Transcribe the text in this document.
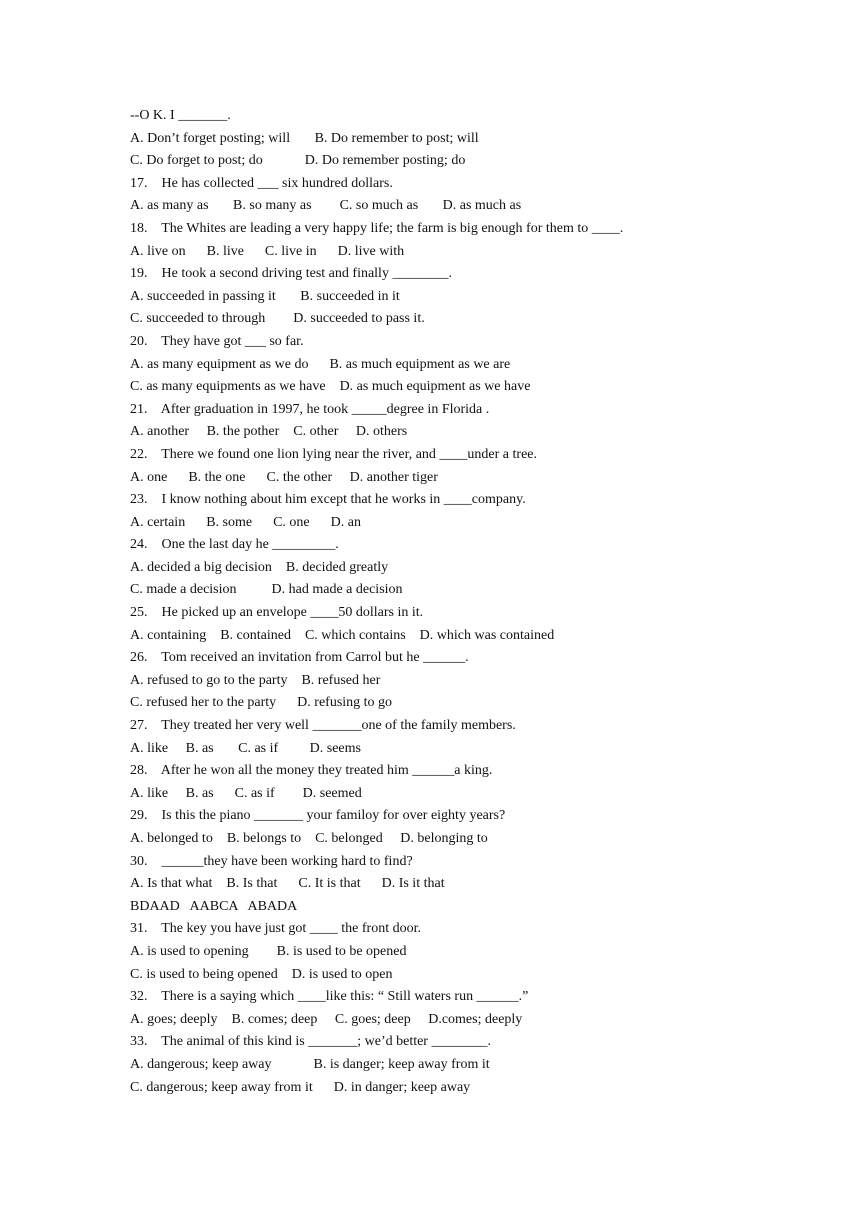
--O K. I _______.
A. Don’t forget posting; will       B. Do remember to post; will
C. Do forget to post; do            D. Do remember posting; do
17.    He has collected ___ six hundred dollars.
A. as many as       B. so many as        C. so much as       D. as much as
18.    The Whites are leading a very happy life; the farm is big enough for them to ____.
A. live on      B. live      C. live in      D. live with
19.    He took a second driving test and finally ________.
A. succeeded in passing it       B. succeeded in it
C. succeeded to through        D. succeeded to pass it.
20.    They have got ___ so far.
A. as many equipment as we do      B. as much equipment as we are
C. as many equipments as we have    D. as much equipment as we have
21.    After graduation in 1997, he took _____degree in Florida .
A. another     B. the pother    C. other     D. others
22.    There we found one lion lying near the river, and ____under a tree.
A. one      B. the one      C. the other     D. another tiger
23.    I know nothing about him except that he works in ____company.
A. certain      B. some      C. one      D. an
24.    One the last day he _________.
A. decided a big decision    B. decided greatly
C. made a decision          D. had made a decision
25.    He picked up an envelope ____50 dollars in it.
A. containing    B. contained    C. which contains    D. which was contained
26.    Tom received an invitation from Carrol but he ______.
A. refused to go to the party    B. refused her
C. refused her to the party      D. refusing to go
27.    They treated her very well _______one of the family members.
A. like     B. as       C. as if         D. seems
28.    After he won all the money they treated him ______a king.
A. like     B. as      C. as if        D. seemed
29.    Is this the piano _______ your familoy for over eighty years?
A. belonged to    B. belongs to    C. belonged     D. belonging to
30.    ______they have been working hard to find?
A. Is that what    B. Is that      C. It is that      D. Is it that
BDAAD   AABCA   ABADA
31.    The key you have just got ____ the front door.
A. is used to opening        B. is used to be opened
C. is used to being opened    D. is used to open
32.    There is a saying which ____like this: “ Still waters run ______.”
A. goes; deeply    B. comes; deep     C. goes; deep     D.comes; deeply
33.    The animal of this kind is _______; we’d better ________.
A. dangerous; keep away            B. is danger; keep away from it
C. dangerous; keep away from it      D. in danger; keep away
